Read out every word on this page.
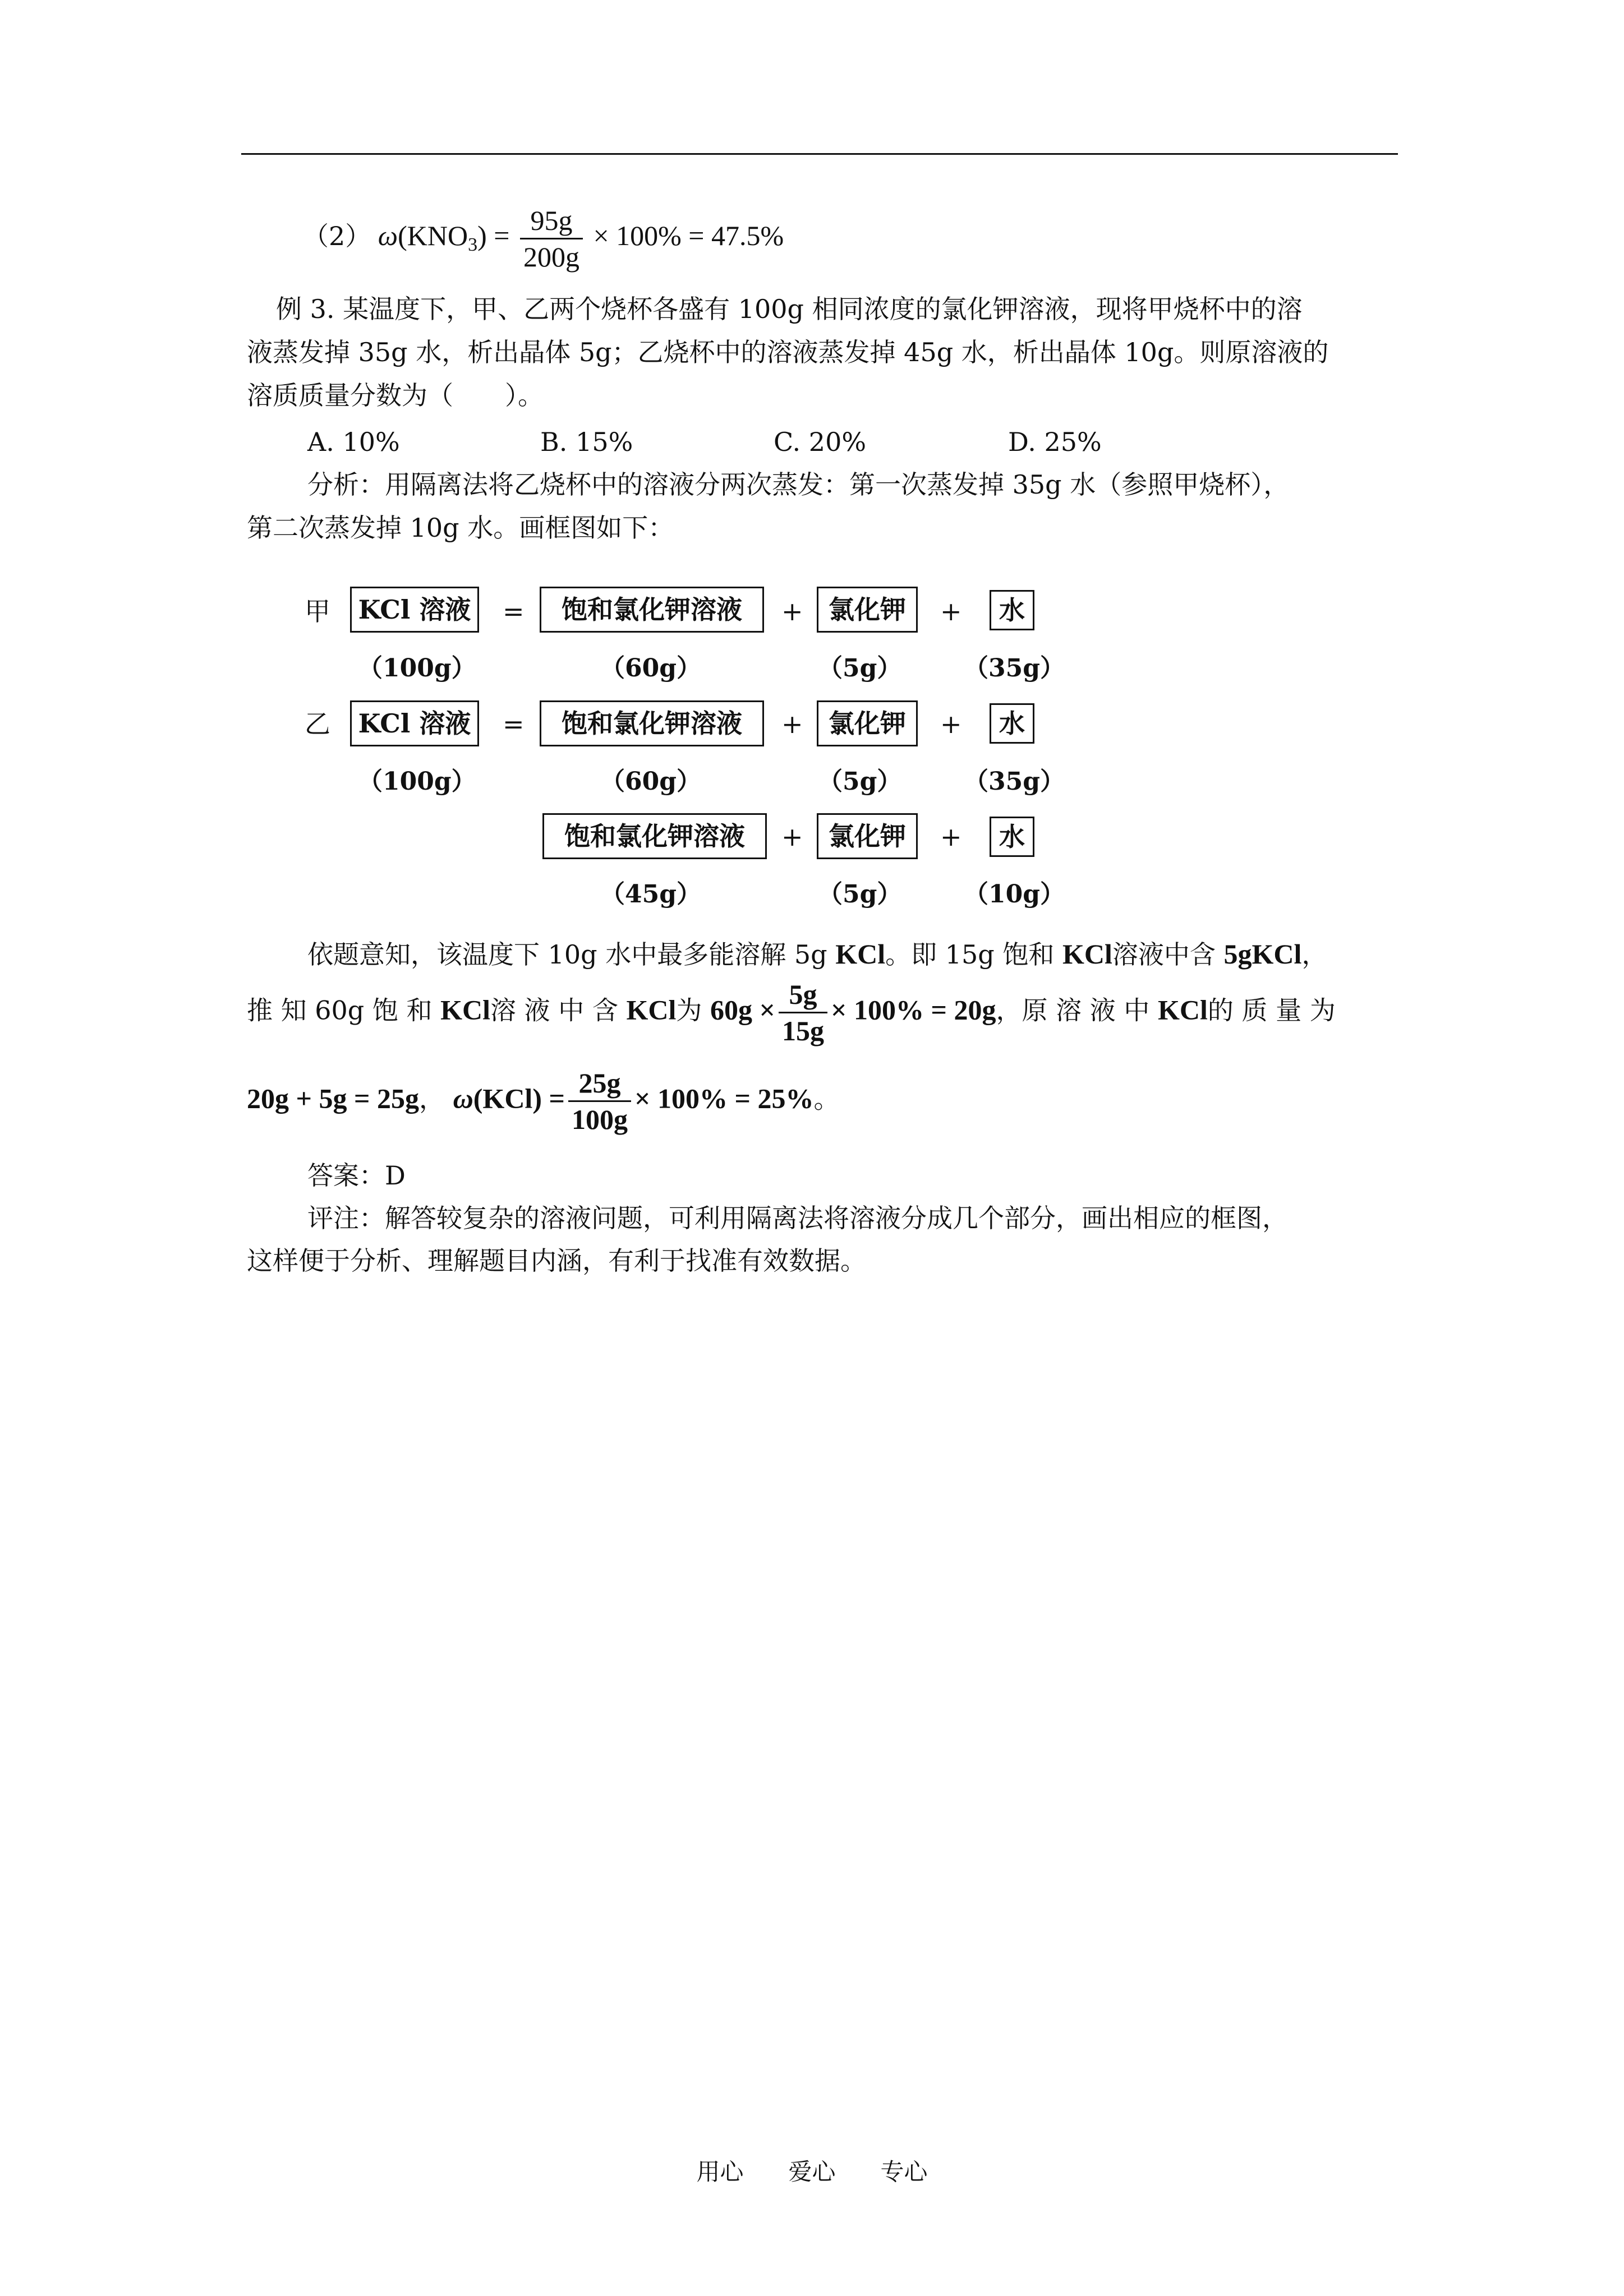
（2） $\omega(KNO_3) = \frac{95g}{200g} \times 100\% = 47.5\%$
例 3. 某温度下，甲、乙两个烧杯各盛有 100g 相同浓度的氯化钾溶液，现将甲烧杯中的溶
液蒸发掉 35g 水，析出晶体 5g；乙烧杯中的溶液蒸发掉 45g 水，析出晶体 10g。则原溶液的
溶质质量分数为（　　）。
A. 10%	B. 15%	C. 20%	D. 25%
分析：用隔离法将乙烧杯中的溶液分两次蒸发：第一次蒸发掉 35g 水（参照甲烧杯），
第二次蒸发掉 10g 水。画框图如下：
甲	KCl 溶液	=	饱和氯化钾溶液	+ 氯化钾	+	水
（100g）	（60g）	（5g）	（35g）
乙	KCl 溶液	=	饱和氯化钾溶液	+ 氯化钾	+	水
（100g）	（60g）	（5g）	（35g）
饱和氯化钾溶液	+ 氯化钾	+	水
（45g）	（5g）	（10g）
依题意知，该温度下 10g 水中最多能溶解 5g KCl。即 15g 饱和 KCl溶液中含 5gKCl，
推 知 60g 饱 和 KCl溶 液 中 含 KCl为 $60g \times \frac{5g}{15g} \times 100\% = 20g$，原 溶 液 中 KCl的 质 量 为
20g + 5g = 25g， $\omega(KCl) = \frac{25g}{100g} \times 100\% = 25\%$。
答案：D
评注：解答较复杂的溶液问题，可利用隔离法将溶液分成几个部分，画出相应的框图，
这样便于分析、理解题目内涵，有利于找准有效数据。
用心 爱心 专心
